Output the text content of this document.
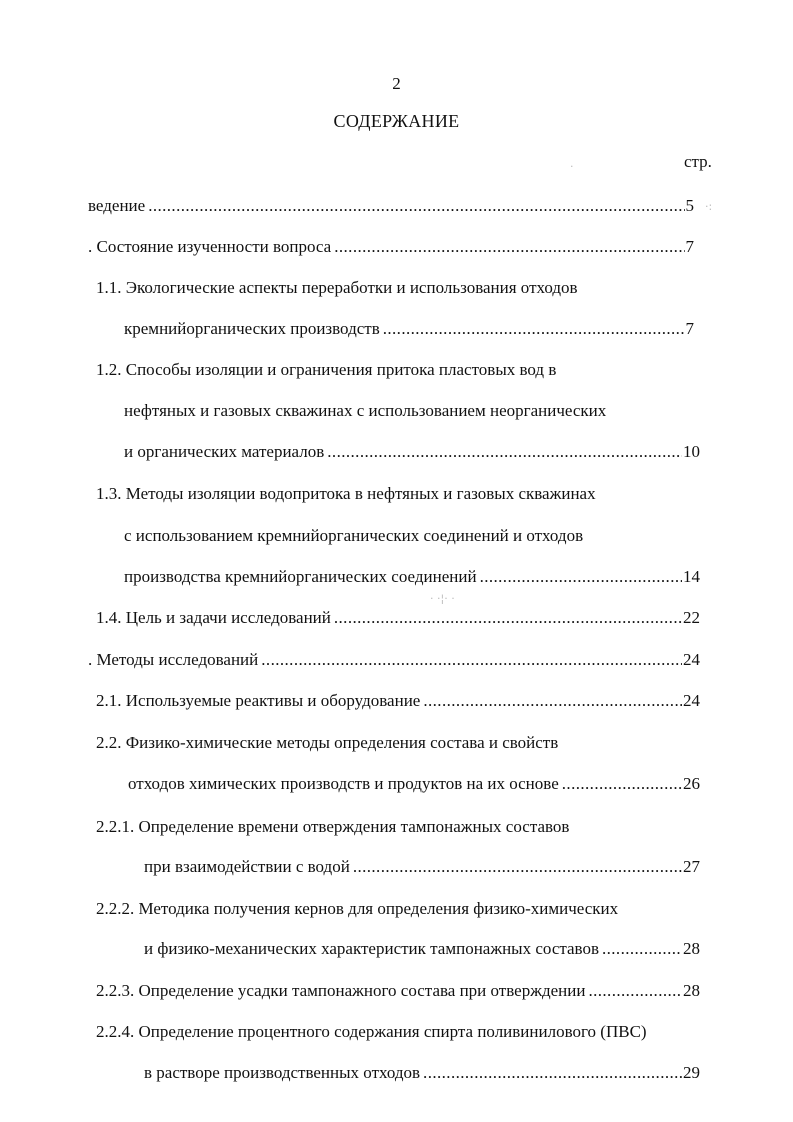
2
СОДЕРЖАНИЕ
стр.
ведение .....	5
. Состояние изученности вопроса .....	7
1.1. Экологические аспекты переработки и использования отходов
кремнийорганических производств .....	7
1.2. Способы изоляции и ограничения притока пластовых вод в
нефтяных и газовых скважинах с использованием неорганических
и органических материалов .....	10
1.3. Методы изоляции водопритока в нефтяных и газовых скважинах
с использованием кремнийорганических соединений и отходов
производства кремнийорганических соединений .....	14
· ·¦· ·
·:
·
1.4. Цель и задачи исследований .....	22
. Методы исследований .....	24
2.1. Используемые реактивы и оборудование .....	24
2.2. Физико-химические методы определения состава и свойств
отходов химических производств и продуктов на их основе .....	26
2.2.1. Определение времени отверждения тампонажных составов
при взаимодействии с водой .....	27
2.2.2. Методика получения кернов для определения физико-химических
и физико-механических характеристик тампонажных составов .....	28
2.2.3. Определение усадки тампонажного состава при отверждении .....	28
2.2.4. Определение процентного содержания спирта поливинилового (ПВС)
в растворе производственных отходов .....	29
